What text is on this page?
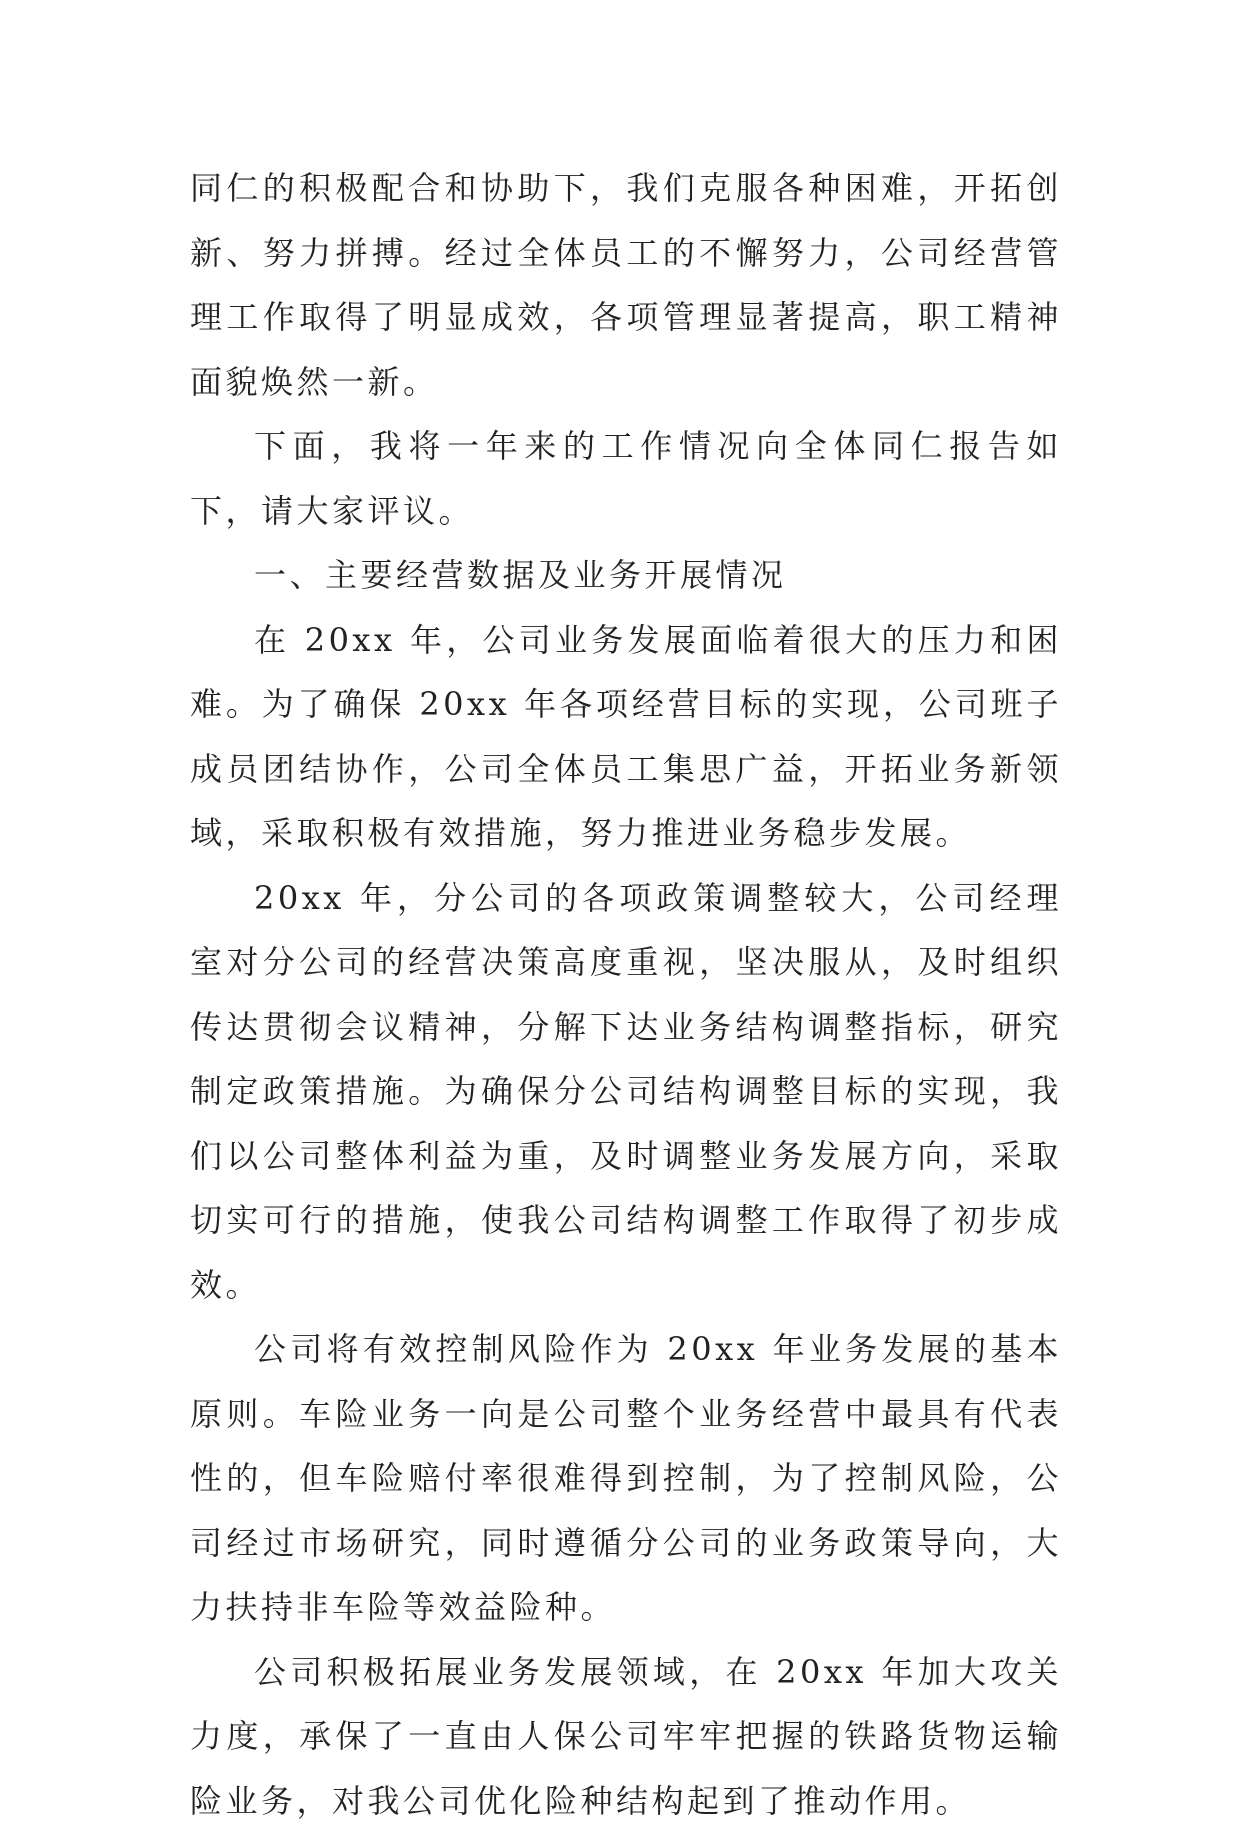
同仁的积极配合和协助下，我们克服各种困难，开拓创新、努力拼搏。经过全体员工的不懈努力，公司经营管理工作取得了明显成效，各项管理显著提高，职工精神面貌焕然一新。

下面，我将一年来的工作情况向全体同仁报告如下，请大家评议。

一、主要经营数据及业务开展情况

在 20xx 年，公司业务发展面临着很大的压力和困难。为了确保 20xx 年各项经营目标的实现，公司班子成员团结协作，公司全体员工集思广益，开拓业务新领域，采取积极有效措施，努力推进业务稳步发展。

20xx 年，分公司的各项政策调整较大，公司经理室对分公司的经营决策高度重视，坚决服从，及时组织传达贯彻会议精神，分解下达业务结构调整指标，研究制定政策措施。为确保分公司结构调整目标的实现，我们以公司整体利益为重，及时调整业务发展方向，采取切实可行的措施，使我公司结构调整工作取得了初步成效。

公司将有效控制风险作为 20xx 年业务发展的基本原则。车险业务一向是公司整个业务经营中最具有代表性的，但车险赔付率很难得到控制，为了控制风险，公司经过市场研究，同时遵循分公司的业务政策导向，大力扶持非车险等效益险种。

公司积极拓展业务发展领域，在 20xx 年加大攻关力度，承保了一直由人保公司牢牢把握的铁路货物运输险业务，对我公司优化险种结构起到了推动作用。
